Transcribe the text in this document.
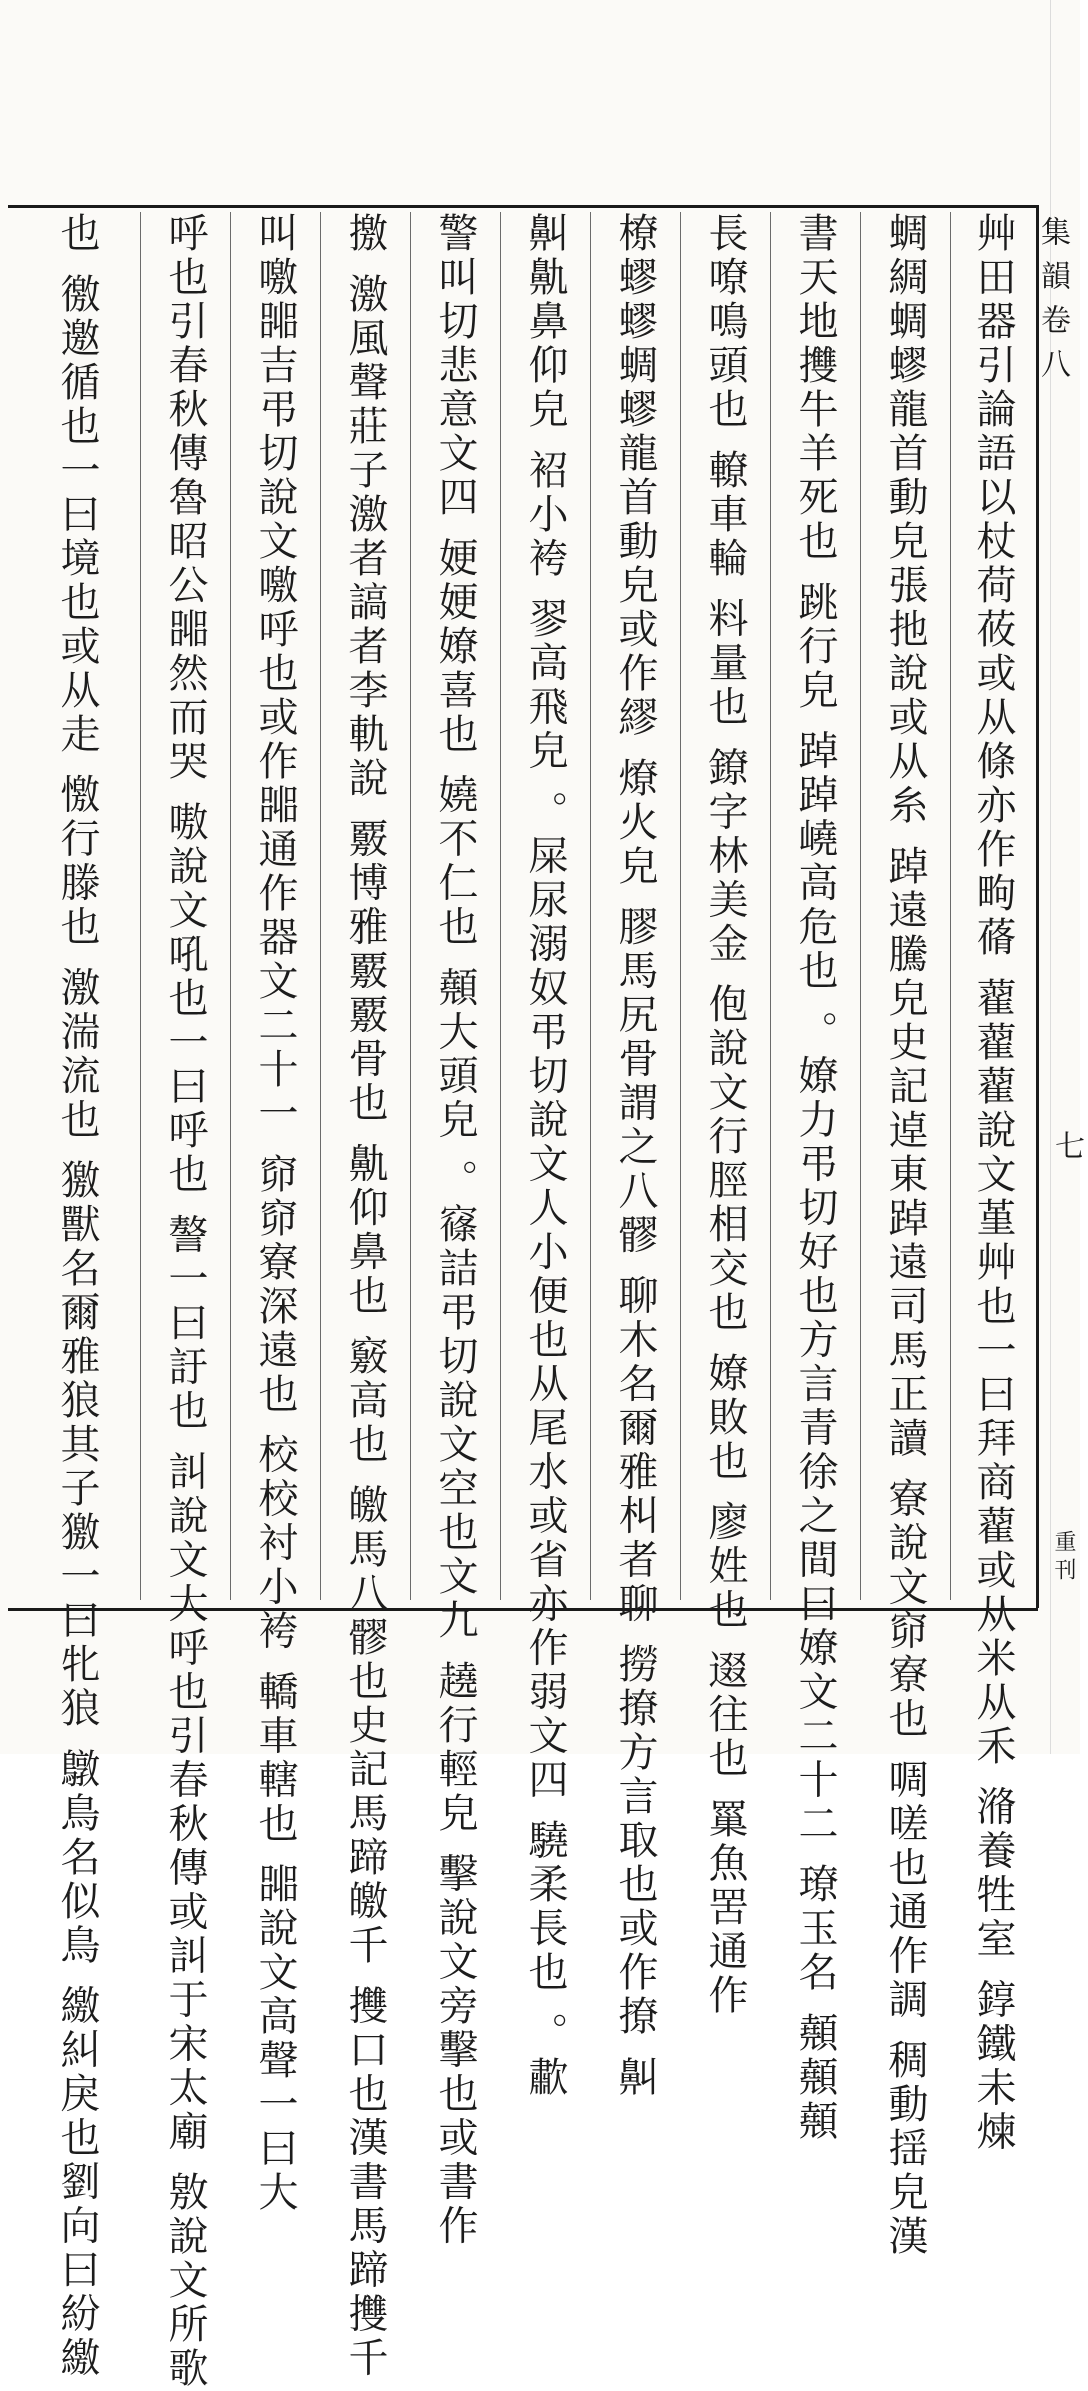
集韻卷八
七
重刊
艸田器引論語以杖荷莜或从條亦作㽛蓨 藋藋藋說文堇艸也一曰拜商藋或从米从禾 潃養牲室 錞鐵未煉
蜩綢蜩蟉龍首動皃張扡說或从糸 踔遠騰皃史記逴東踔遠司馬正讀 寮說文窌寮也 啁嗟也通作調 稠動揺皃漢
書天地㩳牛羊死也 跳行皃 踔踔嶢高危也 。嫽力弔切好也方言青徐之間曰嫽文二十二 璙玉名 顤顤顤
長嘹鳴頭也 轑車輪 料量也 鐐字林美金 佨說文行脛相交也 嫽敗也 廖姓也 逫往也 罺魚罟通作
橑蟉蟉蜩蟉龍首動皃或作繆 燎火皃 膠馬尻骨謂之八髎 聊木名爾雅朻者聊 撈撩方言取也或作撩 鼼
鼼鼽鼻仰皃 袑小袴 翏高飛皃 。屎尿溺奴弔切說文人小便也从尾水或省亦作弱文四 驍柔長也 。歗
警叫切悲意文四 㛐㛐嫽喜也 嬈不仁也 顤大頭皃 。窱詰弔切說文空也文九 趬行輕皃 擊說文旁擊也或書作
撽 激風聲莊子激者謞者李軌說 覈博雅覈覈骨也 鼽仰鼻也 竅高也 皦馬八髎也史記馬蹄皦千 㩳口也漢書馬蹄㩳千
叫噭嘂吉弔切說文噭呼也或作嘂通作器文二十一 窌窌寮深遠也 校校衬小袴 轎車轄也 嘂說文高聲一曰大
呼也引春秋傳魯昭公嘂然而哭 嗷說文吼也一曰呼也 謷一曰訏也 訆說文大呼也引春秋傳或訆于宋太廟 敫說文所歌
也 徼邀循也一曰境也或从走 憿行滕也 激湍流也 獥獸名爾雅狼其子獥一曰牝狼 鷻鳥名似鳥 繳糾戾也劉向曰紛繳
